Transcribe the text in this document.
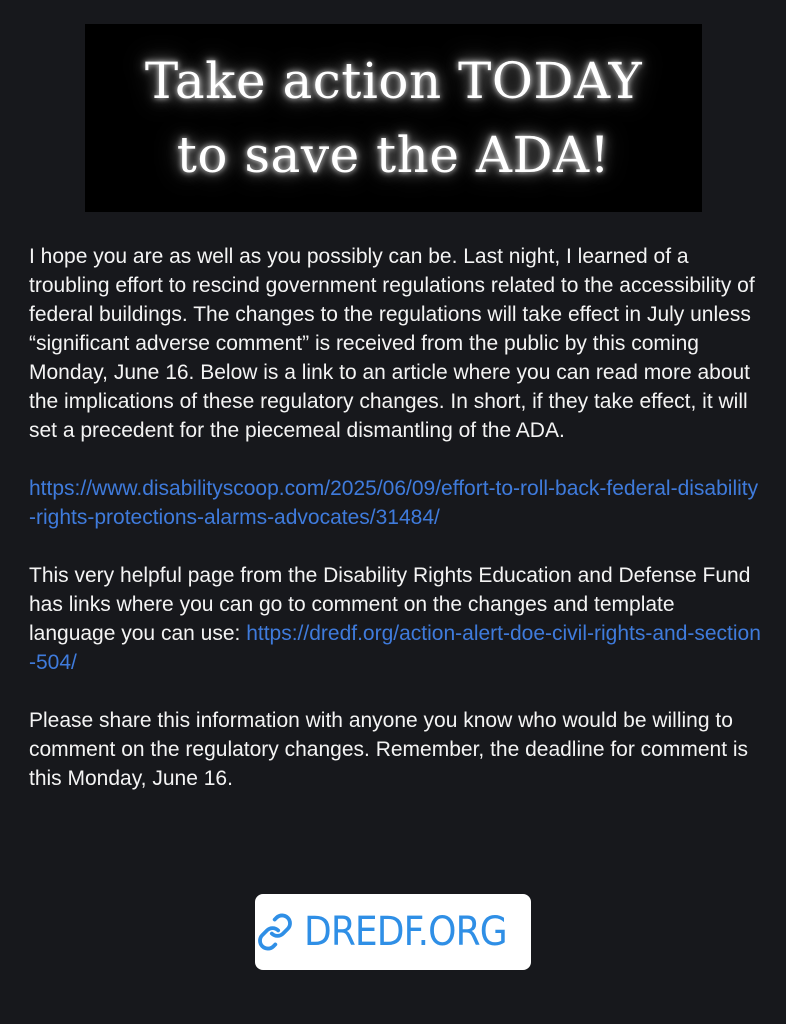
Take action TODAY
to save the ADA!

I hope you are as well as you possibly can be. Last night, I learned of a troubling effort to rescind government regulations related to the accessibility of federal buildings. The changes to the regulations will take effect in July unless “significant adverse comment” is received from the public by this coming Monday, June 16. Below is a link to an article where you can read more about the implications of these regulatory changes. In short, if they take effect, it will set a precedent for the piecemeal dismantling of the ADA.

https://www.disabilityscoop.com/2025/06/09/effort-to-roll-back-federal-disability-rights-protections-alarms-advocates/31484/

This very helpful page from the Disability Rights Education and Defense Fund has links where you can go to comment on the changes and template language you can use: https://dredf.org/action-alert-doe-civil-rights-and-section-504/

Please share this information with anyone you know who would be willing to comment on the regulatory changes. Remember, the deadline for comment is this Monday, June 16.

DREDF.ORG
